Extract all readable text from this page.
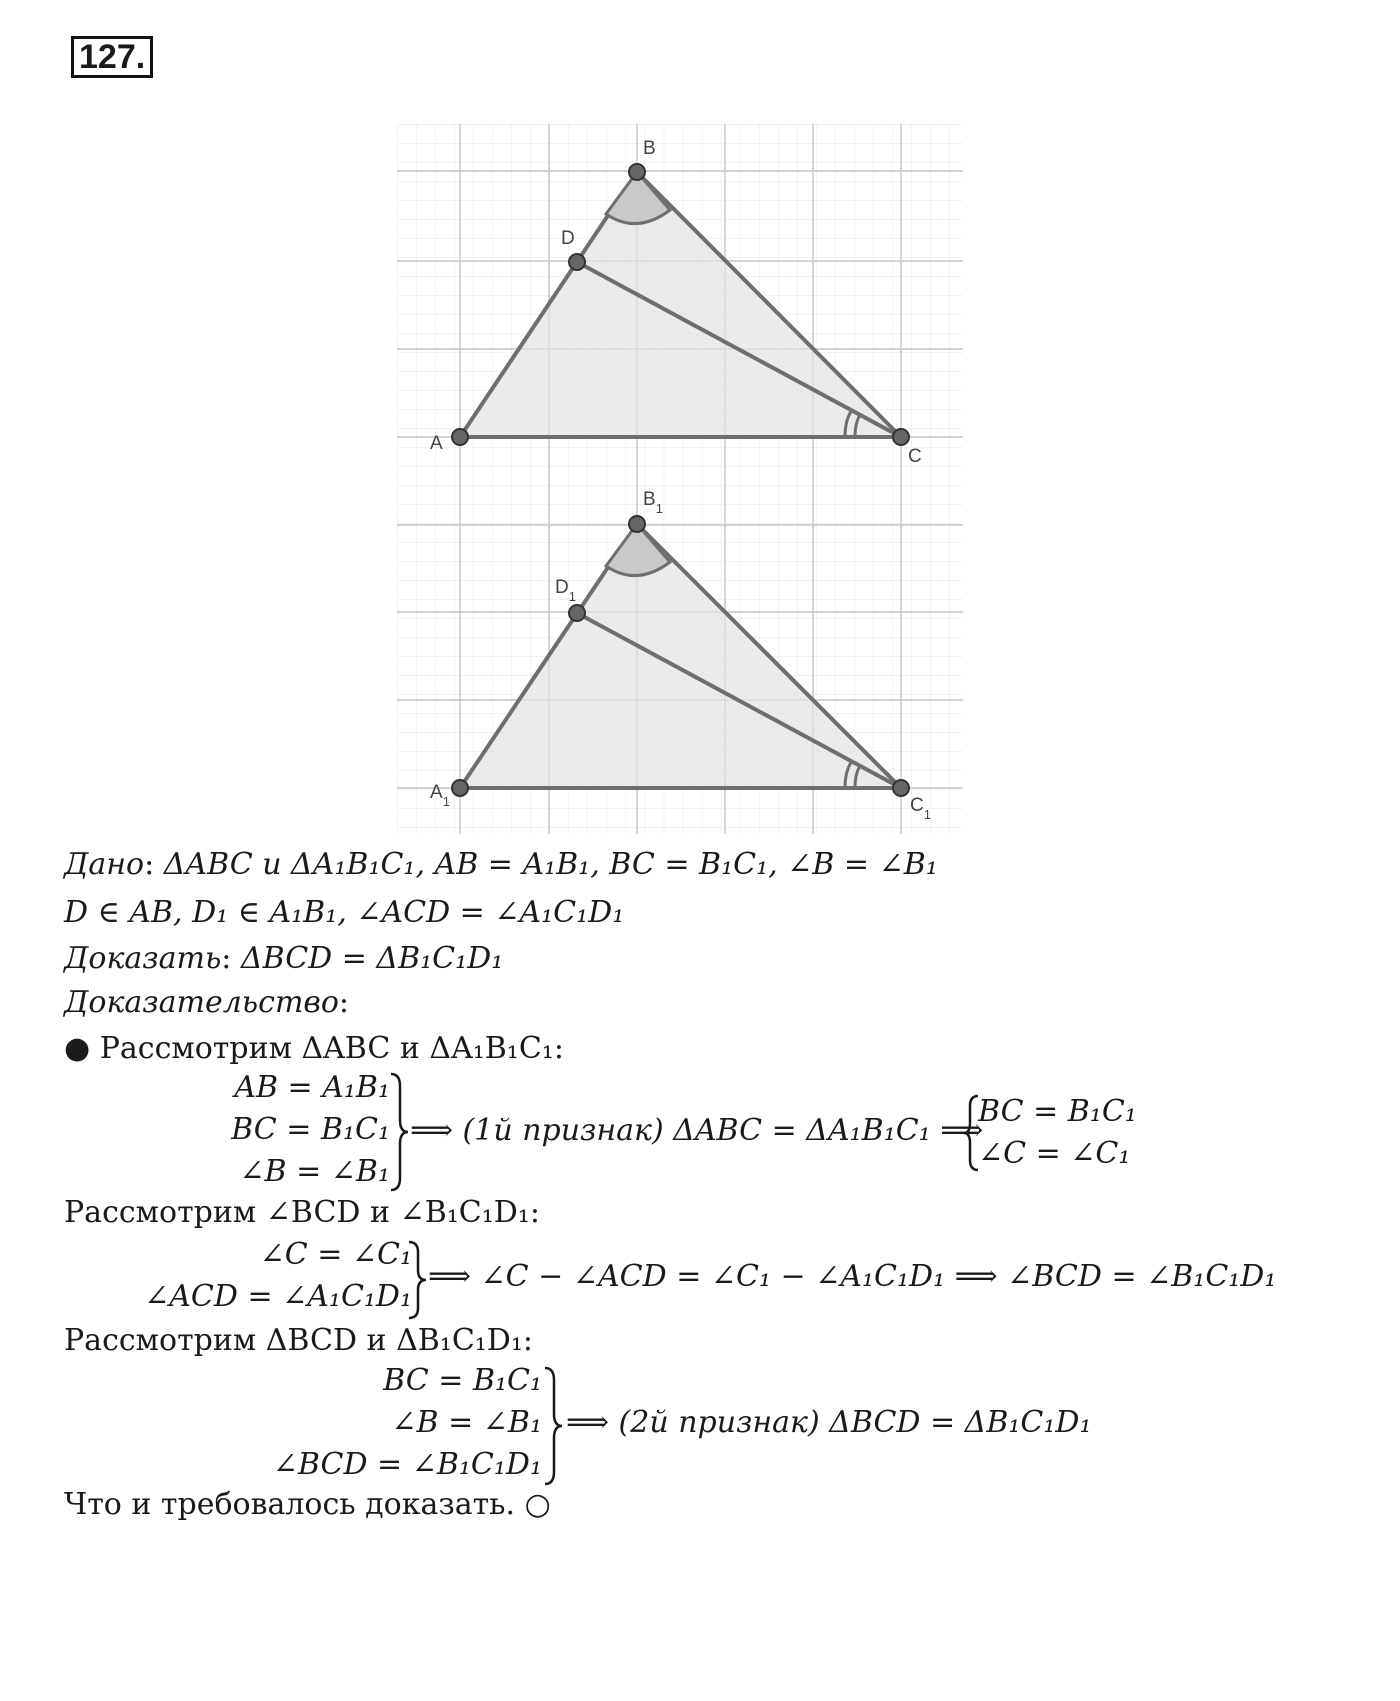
127.
B
D
A
C
$B_1$
$D_1$
$A_1$	$C_1$
Дано: ΔABC и ΔA₁B₁C₁, AB = A₁B₁, BC = B₁C₁, ∠B = ∠B₁
D ∈ AB, D₁ ∈ A₁B₁, ∠ACD = ∠A₁C₁D₁
Доказать: ΔBCD = ΔB₁C₁D₁
Доказательство:
● Рассмотрим ΔABC и ΔA₁B₁C₁:
AB = A₁B₁
BC = B₁C₁
∠B = ∠B₁
⟹ (1й признак) ΔABC = ΔA₁B₁C₁ ⟹
BC = B₁C₁
∠C = ∠C₁
Рассмотрим ∠BCD и ∠B₁C₁D₁:
∠C = ∠C₁
∠ACD = ∠A₁C₁D₁
⟹ ∠C − ∠ACD = ∠C₁ − ∠A₁C₁D₁ ⟹ ∠BCD = ∠B₁C₁D₁
Рассмотрим ΔBCD и ΔB₁C₁D₁:
BC = B₁C₁
∠B = ∠B₁
∠BCD = ∠B₁C₁D₁
⟹ (2й признак) ΔBCD = ΔB₁C₁D₁
Что и требовалось доказать. ○
